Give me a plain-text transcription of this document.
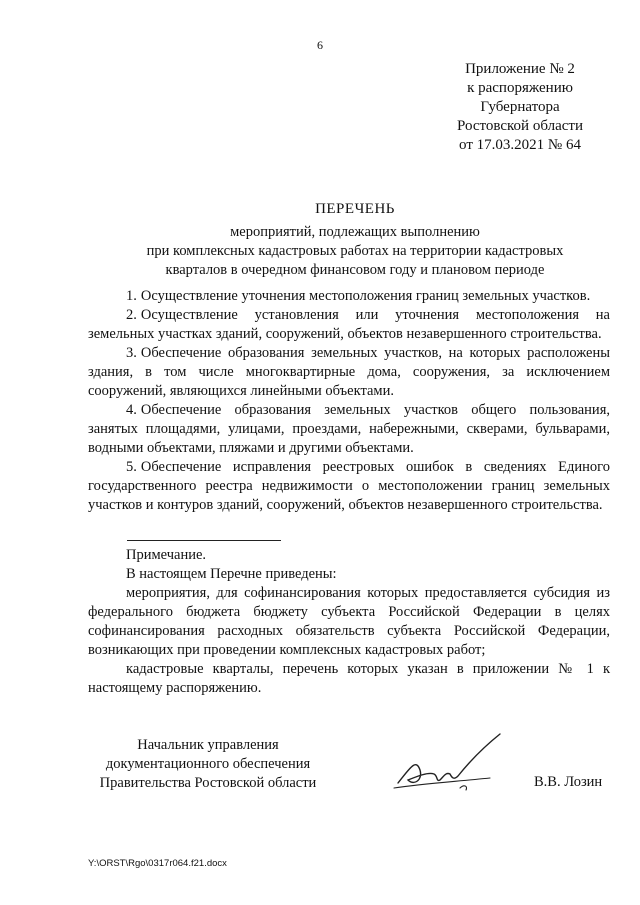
6
Приложение № 2
к распоряжению
Губернатора
Ростовской области
от 17.03.2021 № 64
ПЕРЕЧЕНЬ
мероприятий, подлежащих выполнению
при комплексных кадастровых работах на территории кадастровых
кварталов в очередном финансовом году и плановом периоде

1. Осуществление уточнения местоположения границ земельных участков.

2. Осуществление установления или уточнения местоположения на земельных участках зданий, сооружений, объектов незавершенного строительства.

3. Обеспечение образования земельных участков, на которых расположены здания, в том числе многоквартирные дома, сооружения, за исключением сооружений, являющихся линейными объектами.

4. Обеспечение образования земельных участков общего пользования, занятых площадями, улицами, проездами, набережными, скверами, бульварами, водными объектами, пляжами и другими объектами.

5. Обеспечение исправления реестровых ошибок в сведениях Единого государственного реестра недвижимости о местоположении границ земельных участков и контуров зданий, сооружений, объектов незавершенного строительства.

Примечание.

В настоящем Перечне приведены:

мероприятия, для софинансирования которых предоставляется субсидия из федерального бюджета бюджету субъекта Российской Федерации в целях софинансирования расходных обязательств субъекта Российской Федерации, возникающих при проведении комплексных кадастровых работ;

кадастровые кварталы, перечень которых указан в приложении № 1 к настоящему распоряжению.

Начальник управления
документационного обеспечения
Правительства Ростовской области	В.В. Лозин
Y:\ORST\Rgo\0317r064.f21.docx
